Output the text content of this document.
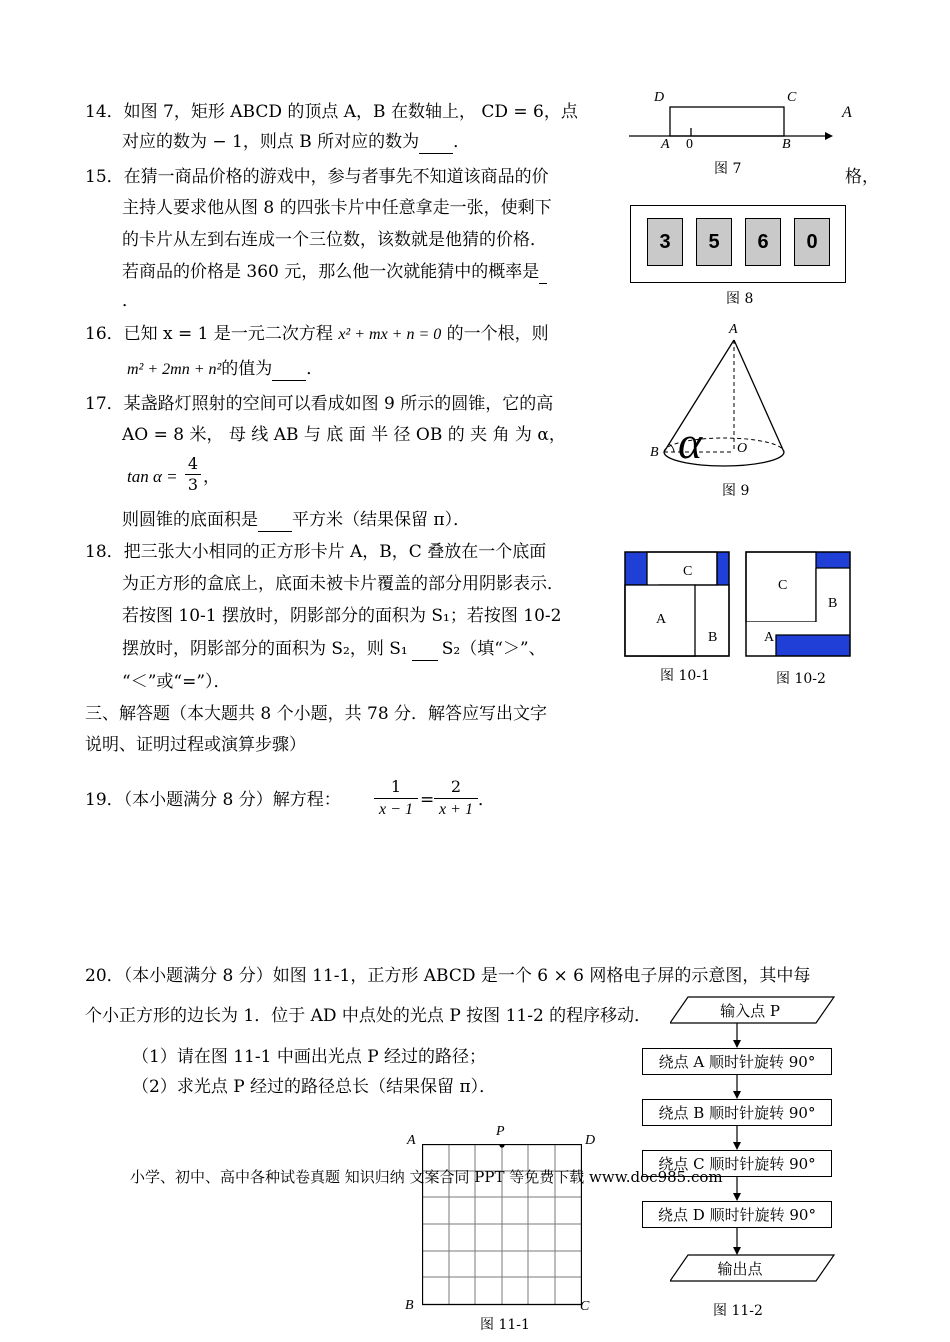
14．如图 7，矩形 ABCD 的顶点 A，B 在数轴上， CD = 6，点
对应的数为 − 1，则点 B 所对应的数为 ．
A
D	C
A 0	B
图 7
15．在猜一商品价格的游戏中，参与者事先不知道该商品的价	格，
主持人要求他从图 8 的四张卡片中任意拿走一张，使剩下
的卡片从左到右连成一个三位数，该数就是他猜的价格．
若商品的价格是 360 元，那么他一次就能猜中的概率是
．
3	5	6	0
图 8
16．已知 x = 1 是一元二次方程 x² + mx + n = 0 的一个根，则
m² + 2mn + n²的值为 ．
A
B	O
α
图 9
17．某盏路灯照射的空间可以看成如图 9 所示的圆锥，它的高
AO = 8 米， 母 线 AB 与 底 面 半 径 OB 的 夹 角 为 α，
$\tan \alpha = \frac{4}{3}$ ，
则圆锥的底面积是 平方米（结果保留 π）．
18．把三张大小相同的正方形卡片 A，B，C 叠放在一个底面
为正方形的盒底上，底面未被卡片覆盖的部分用阴影表示．
若按图 10-1 摆放时，阴影部分的面积为 S₁；若按图 10-2
摆放时，阴影部分的面积为 S₂，则 S₁ S₂（填“＞”、
“＜”或“=”）．
C
A
B
图 10-1
C
B
A
图 10-2
三、解答题（本大题共 8 个小题，共 78 分．解答应写出文字
说明、证明过程或演算步骤）
19．（本小题满分 8 分）解方程： $\frac{1}{x - 1} = \frac{2}{x + 1}$ ．
20．（本小题满分 8 分）如图 11-1，正方形 ABCD 是一个 6 × 6 网格电子屏的示意图，其中每
个小正方形的边长为 1．位于 AD 中点处的光点 P 按图 11-2 的程序移动．
（1）请在图 11-1 中画出光点 P 经过的路径；
（2）求光点 P 经过的路径总长（结果保留 π）．
A
P
D
B	C
图 11-1
输入点 P
绕点 A 顺时针旋转 90°
绕点 B 顺时针旋转 90°
绕点 C 顺时针旋转 90°
绕点 D 顺时针旋转 90°
输出点
图 11-2
小学、初中、高中各种试卷真题 知识归纳 文案合同 PPT 等免费下载 www.doc985.com
